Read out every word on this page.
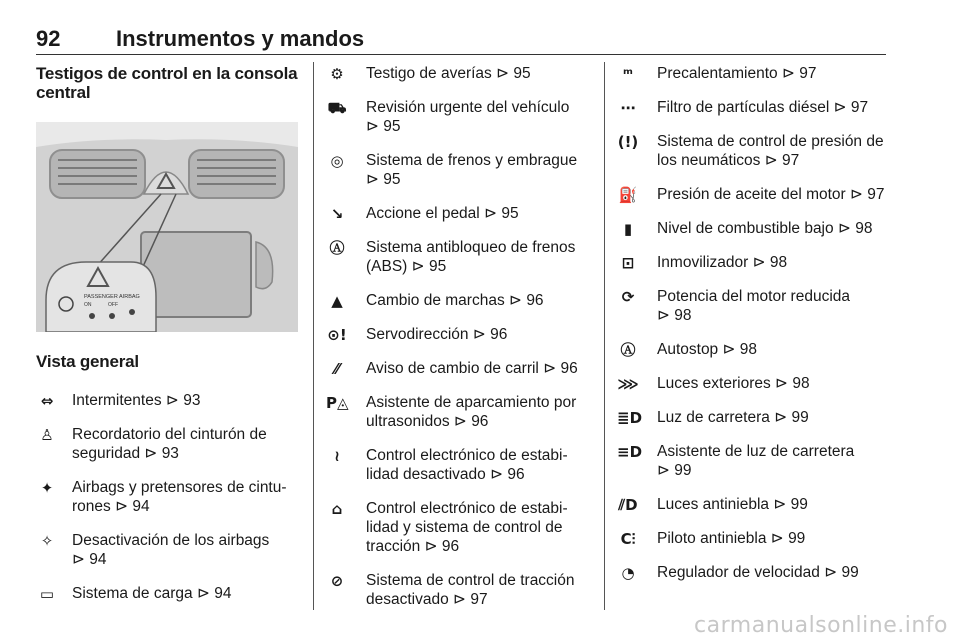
92	Instrumentos y mandos
Testigos de control en la consola central
PASSENGER AIRBAG
ON	OFF
Vista general
⇔	Intermitentes ⊳ 93
♙ Recordatorio del cinturón de seguridad ⊳ 93
✦	Airbags y pretensores de cintu-rones ⊳ 94
✧	Desactivación de los airbags ⊳ 94
▭ Sistema de carga ⊳ 94
⚙ Testigo de averías ⊳ 95
⛟ Revisión urgente del vehículo ⊳ 95
◎ Sistema de frenos y embrague ⊳ 95
↘	Accione el pedal ⊳ 95
Ⓐ Sistema antibloqueo de frenos (ABS) ⊳ 95
▲	Cambio de marchas ⊳ 96
⊙! Servodirección ⊳ 96
⁄⁄	Aviso de cambio de carril ⊳ 96
P◬ Asistente de aparcamiento por ultrasonidos ⊳ 96
≀	Control electrónico de estabi-lidad desactivado ⊳ 96
⌂	Control electrónico de estabi-lidad y sistema de control de tracción ⊳ 96
⊘	Sistema de control de tracción desactivado ⊳ 97
ᵐ	Precalentamiento ⊳ 97
⋯ Filtro de partículas diésel ⊳ 97
(!) Sistema de control de presión de los neumáticos ⊳ 97
⛽ Presión de aceite del motor ⊳ 97
▮	Nivel de combustible bajo ⊳ 98
⊡	Inmovilizador ⊳ 98
⟳	Potencia del motor reducida ⊳ 98
Ⓐ Autostop ⊳ 98
⋙ Luces exteriores ⊳ 98
≣D Luz de carretera ⊳ 99
≡D Asistente de luz de carretera ⊳ 99
⫽D Luces antiniebla ⊳ 99
C⫶ Piloto antiniebla ⊳ 99
◔ Regulador de velocidad ⊳ 99
carmanualsonline.info
